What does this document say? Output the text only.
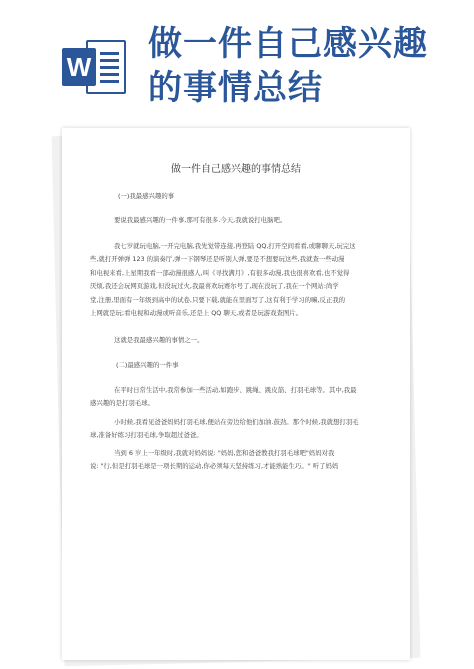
W
做一件自己感兴趣
的事情总结
做一件自己感兴趣的事情总结
(一)我最感兴趣的事
要说我最感兴趣的一件事,那可有很多.今天,我就说打电脑吧。
我七岁就玩电脑,一开完电脑,我先觉带连接,再登陆 QQ,打开空间看看,或聊聊天,玩完这
些,就打开弹弹 123 的演奏厅,弹一下钢琴还是听别人弹,要是不想要玩这些,我就查一些动漫
和电视来看,上星期我看一部动漫很感人,叫《寻找满月》,有很多动漫,我也很喜欢看,也不觉得
厌烦,我还会玩网页游戏,但没玩过火,我最喜欢玩赛尔号了,现在没玩了,我在一个网站:尚学
堂,注册,里面有一年级到高中的试卷,只要下载,就能在里面写了,这有利于学习的嘛,反正我的
上网就是玩;看电视和动漫或听音乐,还是上 QQ 聊天,或者是玩游戏查图片。
这就是我最感兴趣的事情之一。
(二)最感兴趣的一件事
在平时日常生活中,我常参加一些活动,如跑步、跳绳、跳皮筋、打羽毛球等。其中,我最
感兴趣的是打羽毛球。
小时候,我看见爸爸妈妈打羽毛球,便站在旁边给他们加油.鼓劲。那个时候,我就想打羽毛
球,准备好练习打羽毛球,争取超过爸爸。
当到 6 岁上一年级时,我就对妈妈说: "妈妈,您和爸爸教我打羽毛球吧"妈妈对我
说: "行,但是打羽毛球是一项长期的运动,你必须每天坚持练习,才能熟能生巧。" 听了妈妈
